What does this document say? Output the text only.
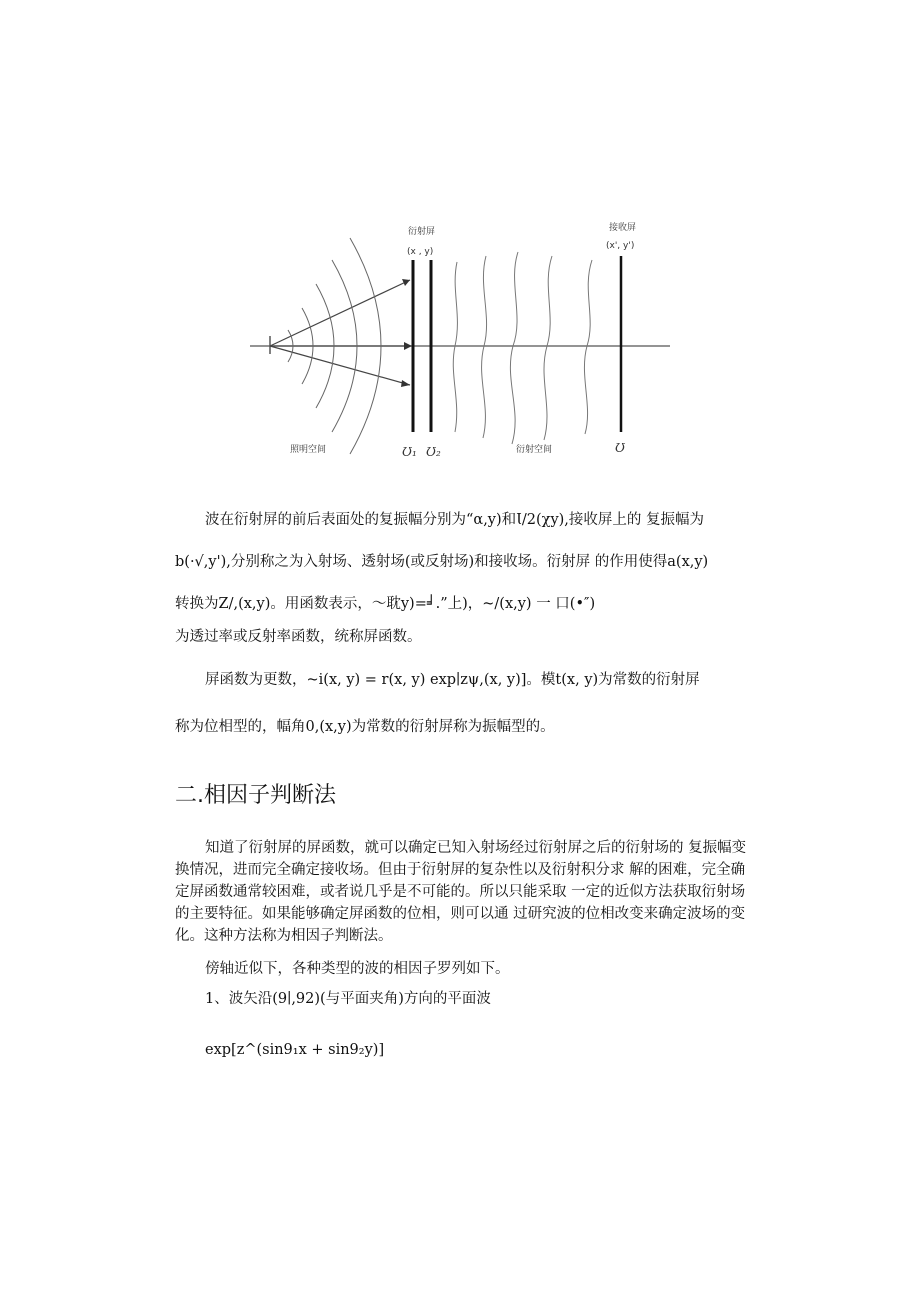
衍射屏
(x , y)
接收屏
(x', y')
照明空间	衍射空间
Ʊ₁ Ʊ₂	Ʊ
波在衍射屏的前后表面处的复振幅分别为“α,y)和Ɩ/2(χy),接收屏上的 复振幅为
b(·√,y'),分别称之为入射场、透射场(或反射场)和接收场。衍射屏 的作用使得a(x,y)
转换为Z/,(x,y)。用函数表示，～耽y)=╛.”上)，~/(x,y) 一 口(•″)
为透过率或反射率函数，统称屏函数。
屏函数为更数，~i(x, y) = r(x, y) exp∣zψ,(x, y)]。模t(x, y)为常数的衍射屏
称为位相型的，幅角0,(x,y)为常数的衍射屏称为振幅型的。
二.相因子判断法
知道了衍射屏的屏函数，就可以确定已知入射场经过衍射屏之后的衍射场的 复振幅变换情况，进而完全确定接收场。但由于衍射屏的复杂性以及衍射积分求 解的困难，完全确定屏函数通常较困难，或者说几乎是不可能的。所以只能采取 一定的近似方法获取衍射场的主要特征。如果能够确定屏函数的位相，则可以通 过研究波的位相改变来确定波场的变化。这种方法称为相因子判断法。
傍轴近似下，各种类型的波的相因子罗列如下。
1、波矢沿(9∣,92)(与平面夹角)方向的平面波
exp[z^(sin9₁x + sin9₂y)]
